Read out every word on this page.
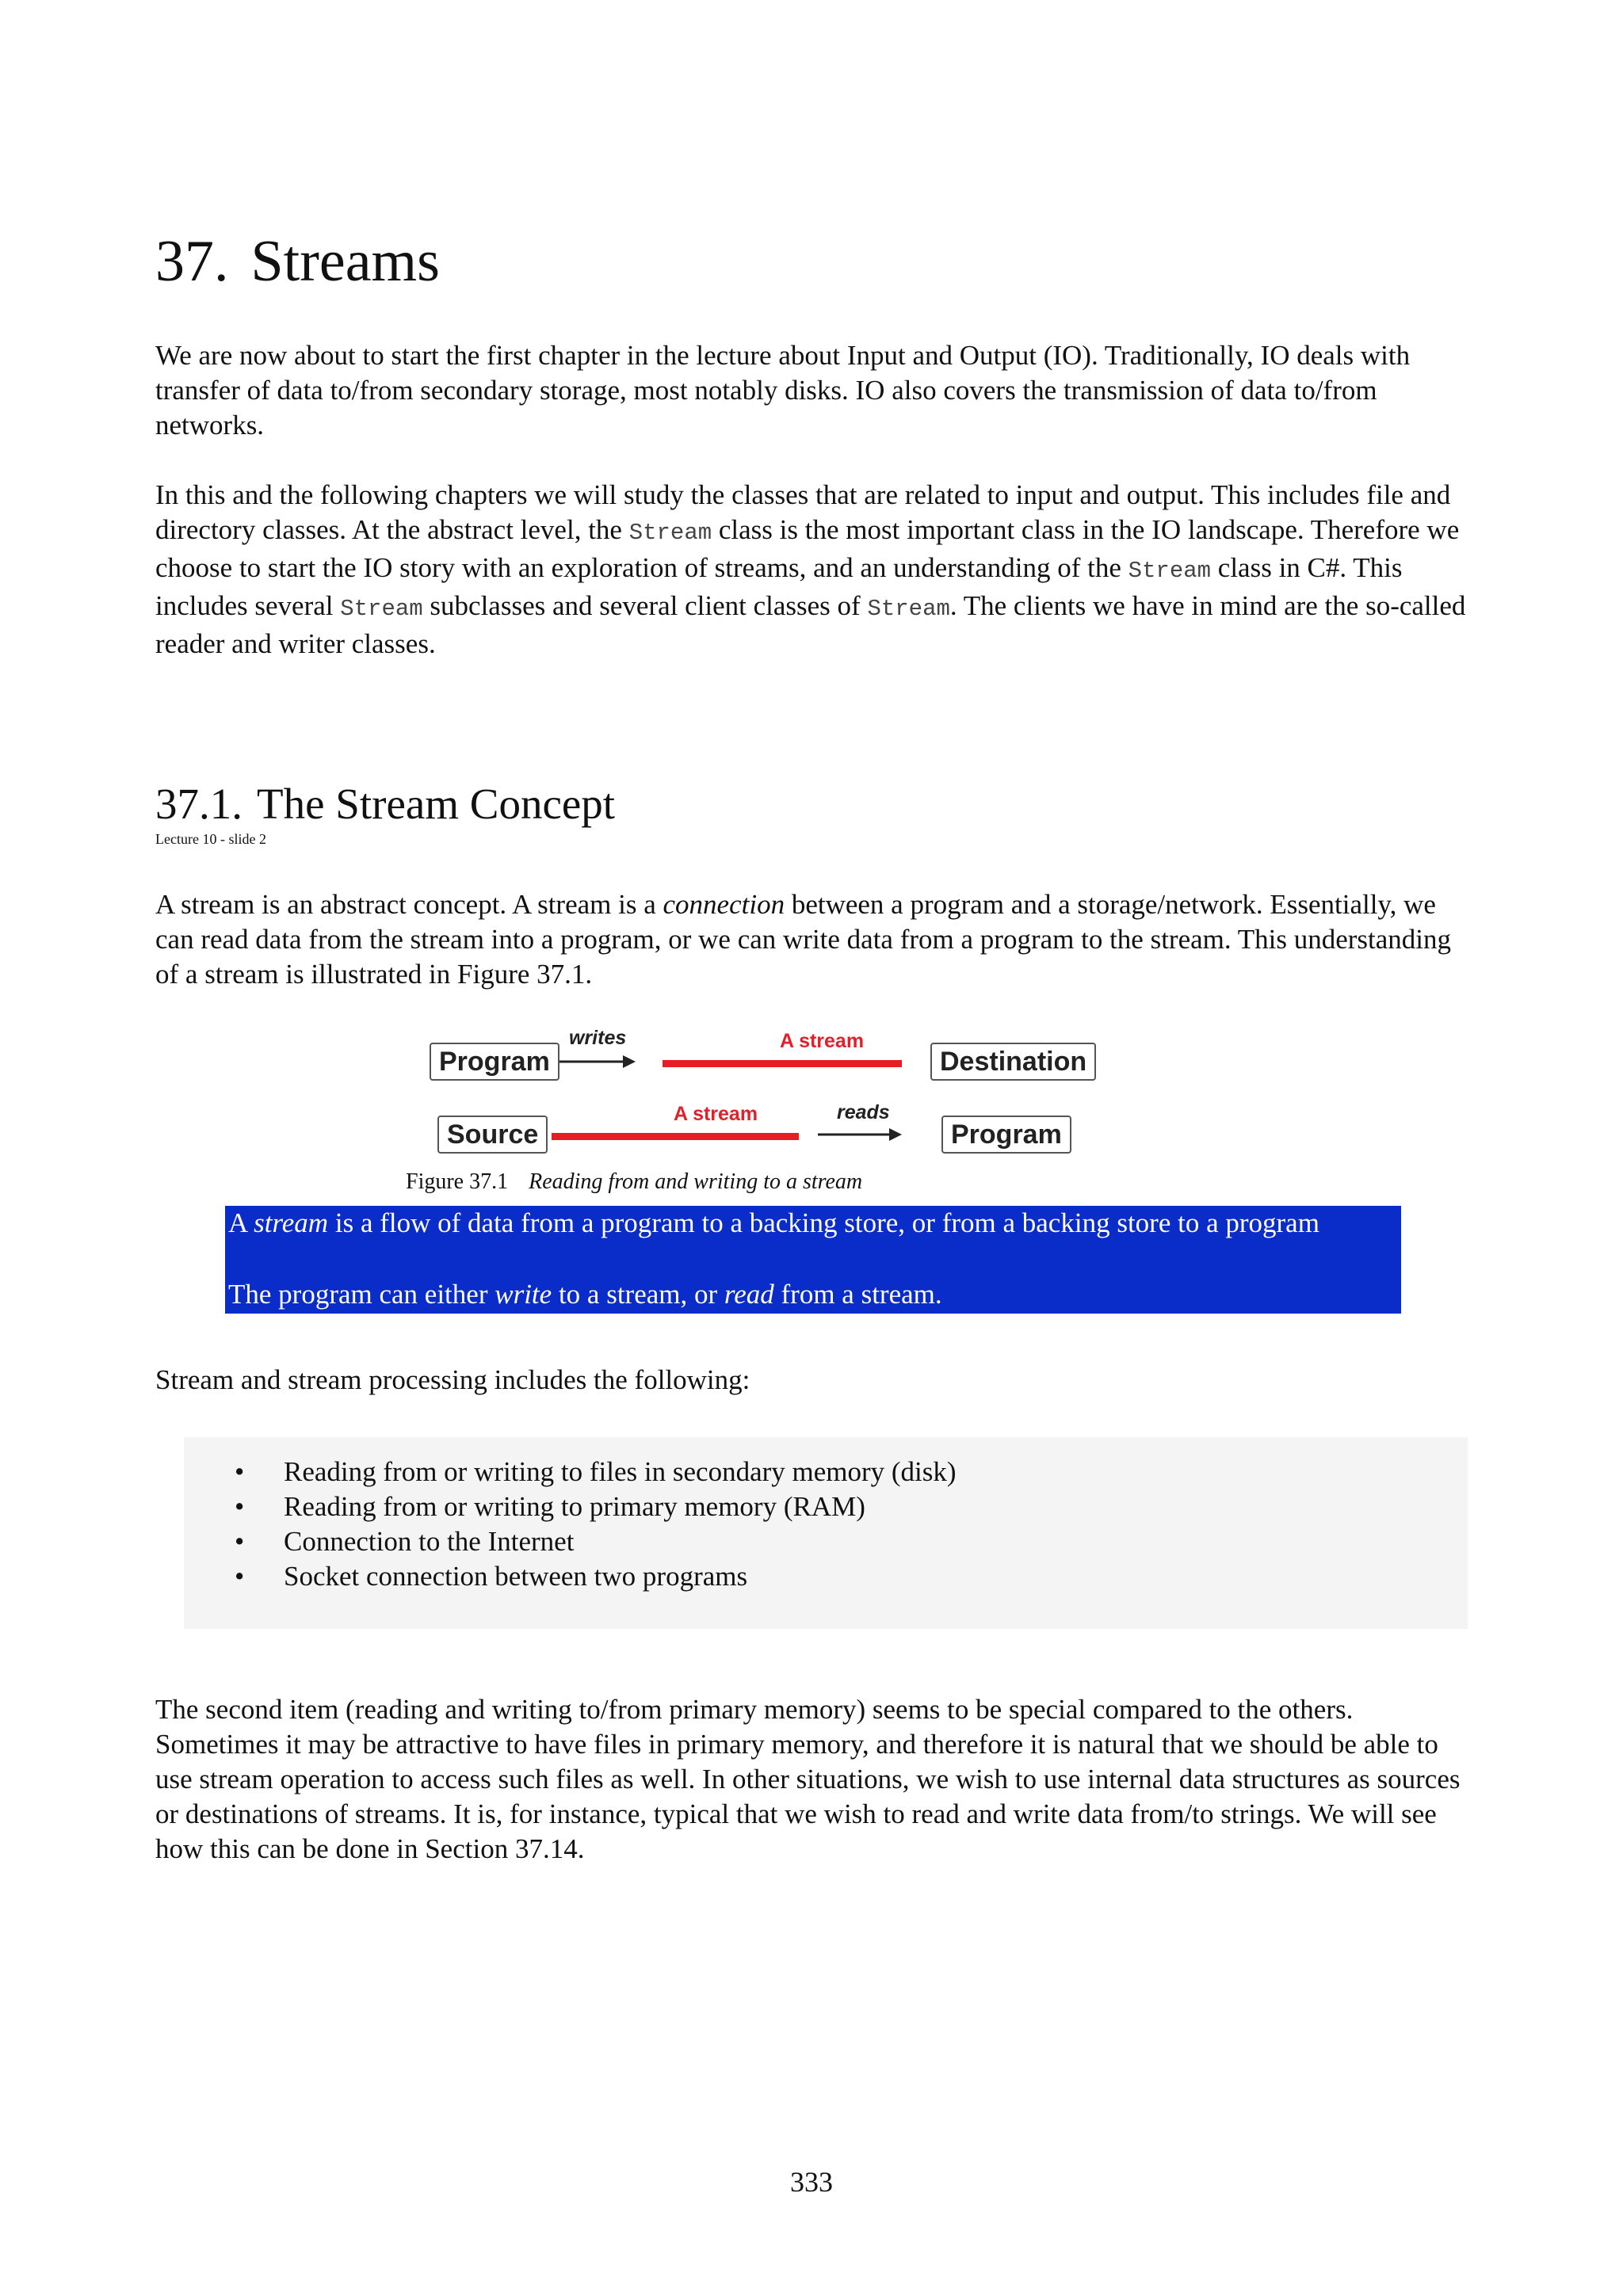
37. Streams

We are now about to start the first chapter in the lecture about Input and Output (IO). Traditionally, IO deals with transfer of data to/from secondary storage, most notably disks. IO also covers the transmission of data to/from networks.

In this and the following chapters we will study the classes that are related to input and output. This includes file and directory classes. At the abstract level, the Stream class is the most important class in the IO landscape. Therefore we choose to start the IO story with an exploration of streams, and an understanding of the Stream class in C#. This includes several Stream subclasses and several client classes of Stream. The clients we have in mind are the so-called reader and writer classes.

37.1. The Stream Concept
Lecture 10 - slide 2

A stream is an abstract concept. A stream is a connection between a program and a storage/network. Essentially, we can read data from the stream into a program, or we can write data from a program to the stream. This understanding of a stream is illustrated in Figure 37.1.

Program
writes	A stream
Destination
Source
A stream	reads
Program
Figure 37.1 Reading from and writing to a stream
A stream is a flow of data from a program to a backing store, or from a backing store to a program
The program can either write to a stream, or read from a stream.

Stream and stream processing includes the following:

• Reading from or writing to files in secondary memory (disk)
• Reading from or writing to primary memory (RAM)
• Connection to the Internet
• Socket connection between two programs

The second item (reading and writing to/from primary memory) seems to be special compared to the others. Sometimes it may be attractive to have files in primary memory, and therefore it is natural that we should be able to use stream operation to access such files as well. In other situations, we wish to use internal data structures as sources or destinations of streams. It is, for instance, typical that we wish to read and write data from/to strings. We will see how this can be done in Section 37.14.

333
